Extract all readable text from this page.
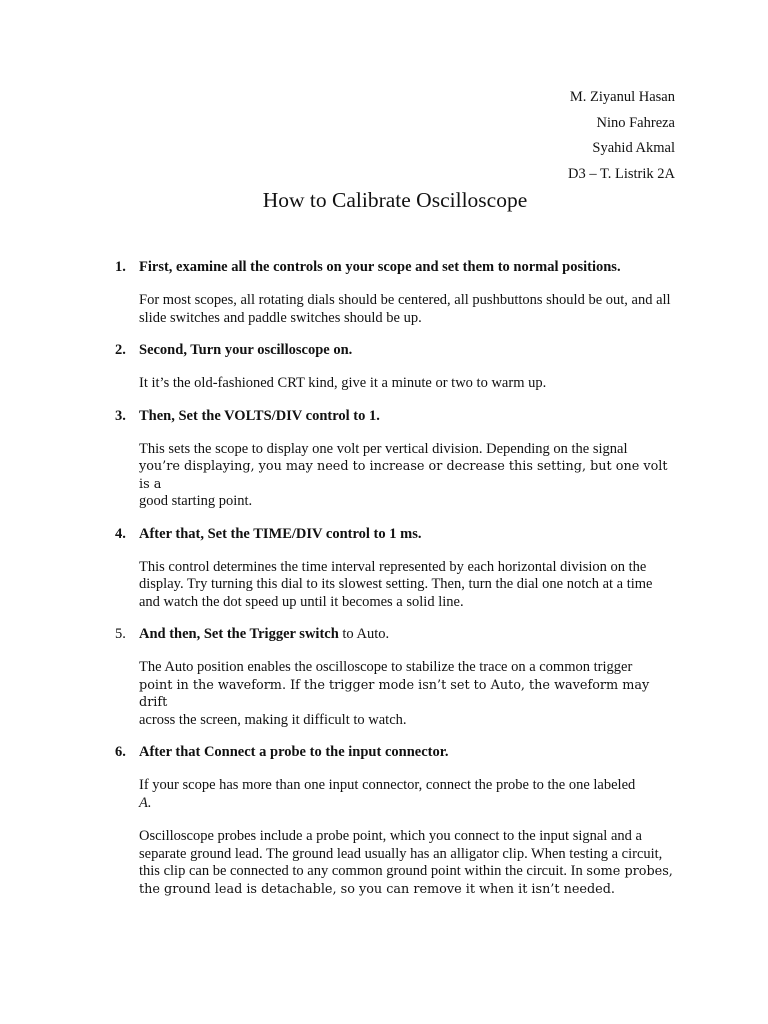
M. Ziyanul Hasan
Nino Fahreza
Syahid Akmal
D3 – T. Listrik 2A
How to Calibrate Oscilloscope
1. First, examine all the controls on your scope and set them to normal positions.

For most scopes, all rotating dials should be centered, all pushbuttons should be out, and all slide switches and paddle switches should be up.

2. Second, Turn your oscilloscope on.

It it’s the old-fashioned CRT kind, give it a minute or two to warm up.

3. Then, Set the VOLTS/DIV control to 1.

This sets the scope to display one volt per vertical division. Depending on the signal
you’re displaying, you may need to increase or decrease this setting, but one volt is a
good starting point.

4. After that, Set the TIME/DIV control to 1 ms.

This control determines the time interval represented by each horizontal division on the display. Try turning this dial to its slowest setting. Then, turn the dial one notch at a time and watch the dot speed up until it becomes a solid line.

5. And then, Set the Trigger switch to Auto.

The Auto position enables the oscilloscope to stabilize the trace on a common trigger
point in the waveform. If the trigger mode isn’t set to Auto, the waveform may drift
across the screen, making it difficult to watch.

6. After that Connect a probe to the input connector.

If your scope has more than one input connector, connect the probe to the one labeled
A.

Oscilloscope probes include a probe point, which you connect to the input signal and a separate ground lead. The ground lead usually has an alligator clip. When testing a circuit, this clip can be connected to any common ground point within the circuit. In some probes, the ground lead is detachable, so you can remove it when it isn’t needed.
